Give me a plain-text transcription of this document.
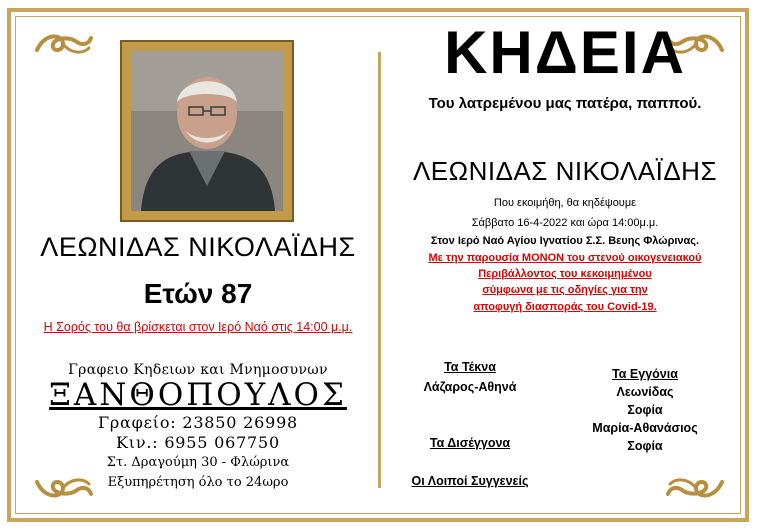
ΛΕΩΝΙΔΑΣ ΝΙΚΟΛΑΪΔΗΣ
Ετών 87
Η Σορός του θα βρίσκεται στον Ιερό Ναό στις 14:00 μ.μ.
Γραφειο Κηδειων και Μνημοσυνων
ΞΑΝΘΟΠΟΥΛΟΣ
Γραφείο: 23850 26998
Κιν.: 6955 067750
Στ. Δραγούμη 30 - Φλώρινα
Εξυπηρέτηση όλο το 24ωρο
ΚΗΔΕΙΑ
Του λατρεμένου μας πατέρα, παππού.
ΛΕΩΝΙΔΑΣ ΝΙΚΟΛΑΪΔΗΣ
Που εκοιμήθη, θα κηδέψουμε
Σάββατο 16-4-2022 και ώρα 14:00μ.μ.
Στον Ιερό Ναό Αγίου Ιγνατίου Σ.Σ. Βευης Φλώρινας.
Με την παρουσία ΜΟΝΟΝ του στενού οικογενειακού
Περιβάλλοντος του κεκοιμημένου
σύμφωνα με τις οδηγίες για την
αποφυγή διασποράς του Covid-19.
Τα Τέκνα
Λάζαρος-Αθηνά
Τα Δισέγγονα
Οι Λοιποί Συγγενείς
Τα Εγγόνια
Λεωνίδας
Σοφία
Μαρία-Αθανάσιος
Σοφία
